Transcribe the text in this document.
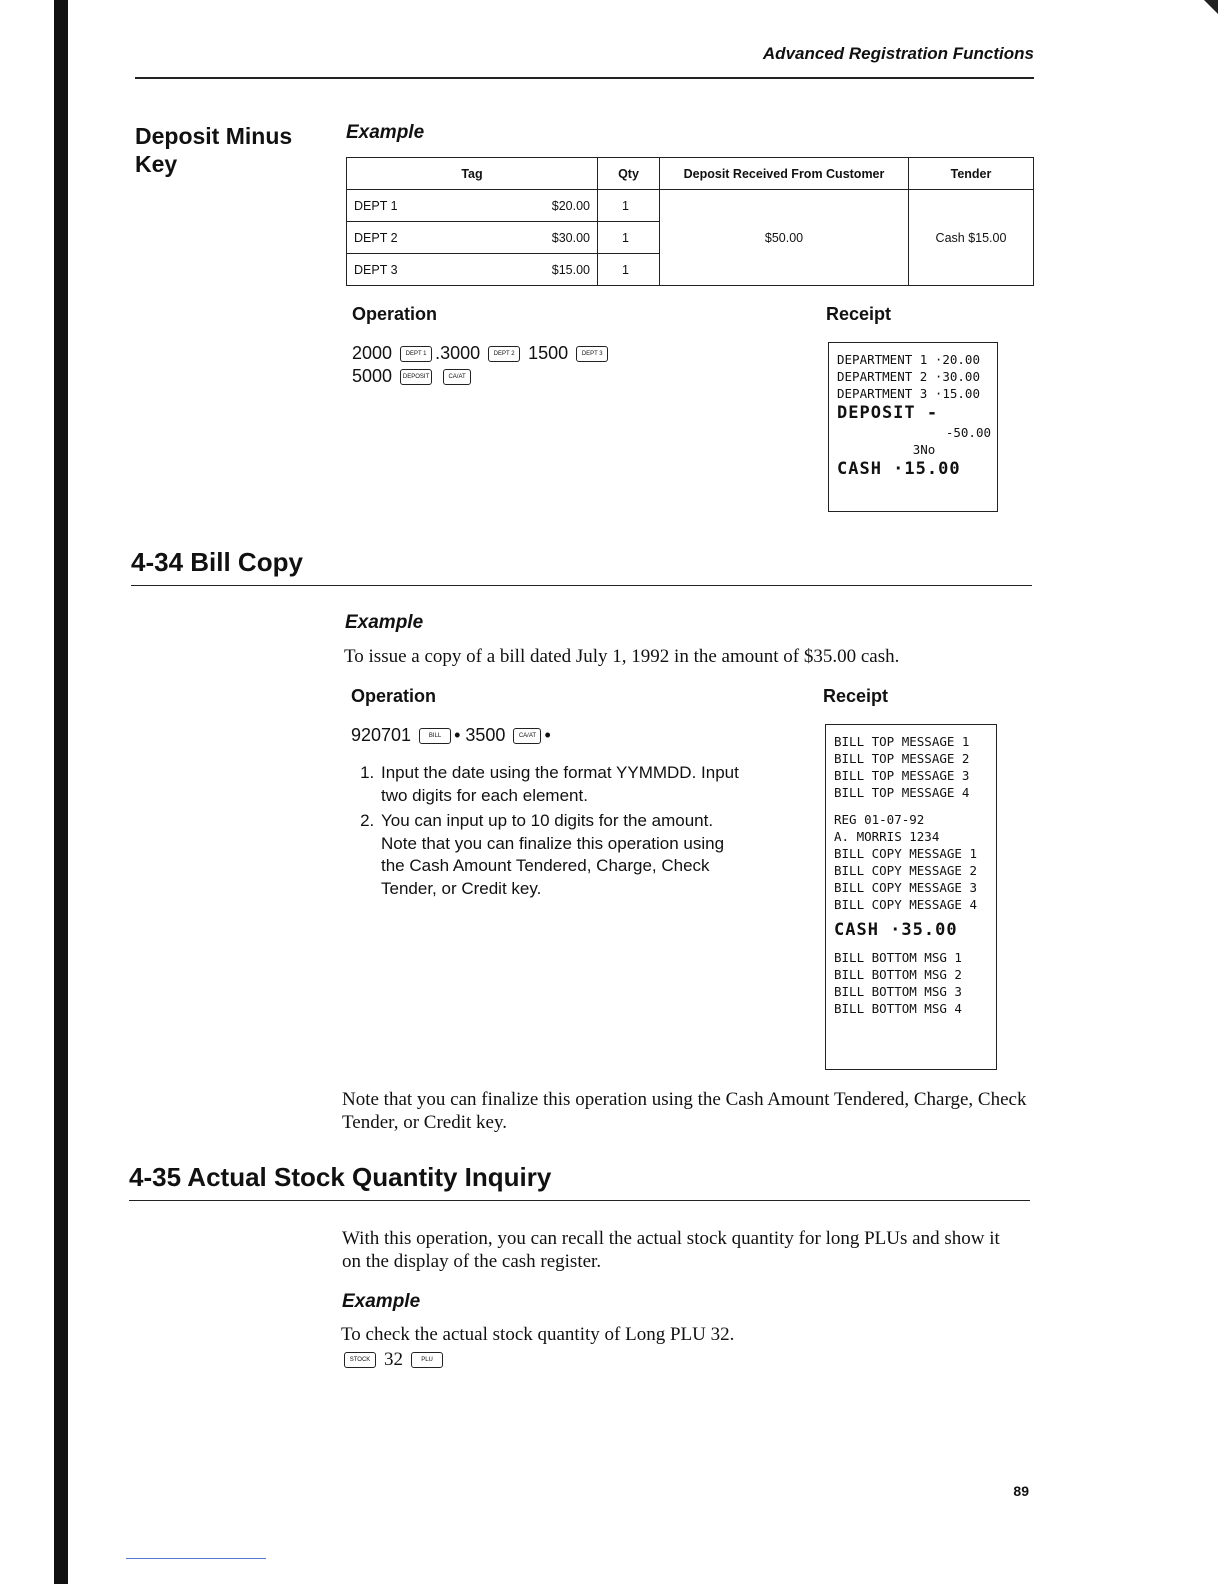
Advanced Registration Functions
Deposit Minus
Key
Example
Tag		Qty	Deposit Received From Customer	Tender
DEPT 1	$20.00	1	$50.00	Cash $15.00
DEPT 2	$30.00	1		
DEPT 3	$15.00	1		
Operation
2000 DEPT 1 .3000 DEPT 2 1500 DEPT 3
5000 DEPOSIT	CA/AT
Receipt
DEPARTMENT 1 ·20.00
DEPARTMENT 2 ·30.00
DEPARTMENT 3 ·15.00
DEPOSIT -
-50.00
3No
CASH ·15.00
4-34 Bill Copy
Example
To issue a copy of a bill dated July 1, 1992 in the amount of $35.00 cash.
Operation
920701	BILL • 3500 CA/AT •
1. Input the date using the format YYMMDD. Input two digits for each element.
2. You can input up to 10 digits for the amount. Note that you can finalize this operation using the Cash Amount Tendered, Charge, Check Tender, or Credit key.
Receipt
BILL TOP MESSAGE 1
BILL TOP MESSAGE 2
BILL TOP MESSAGE 3
BILL TOP MESSAGE 4
REG 01-07-92
A. MORRIS 1234
BILL COPY MESSAGE 1
BILL COPY MESSAGE 2
BILL COPY MESSAGE 3
BILL COPY MESSAGE 4
CASH ·35.00
BILL BOTTOM MSG 1
BILL BOTTOM MSG 2
BILL BOTTOM MSG 3
BILL BOTTOM MSG 4
Note that you can finalize this operation using the Cash Amount Tendered, Charge, Check Tender, or Credit key.
4-35 Actual Stock Quantity Inquiry
With this operation, you can recall the actual stock quantity for long PLUs and show it on the display of the cash register.
Example
To check the actual stock quantity of Long PLU 32.
STOCK 32	PLU
89
